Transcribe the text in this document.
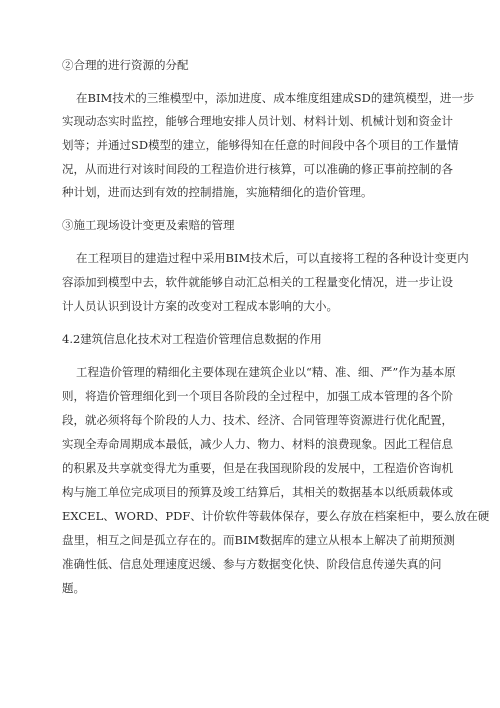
②合理的进行资源的分配
在BIM技术的三维模型中，添加进度、成本维度组建成SD的建筑模型，进一步
实现动态实时监控，能够合理地安排人员计划、材料计划、机械计划和资金计
划等；并通过SD模型的建立，能够得知在任意的时间段中各个项目的工作量情
况，从而进行对该时间段的工程造价进行核算，可以准确的修正事前控制的各
种计划，进而达到有效的控制措施，实施精细化的造价管理。
③施工现场设计变更及索赔的管理
在工程项目的建造过程中采用BIM技术后，可以直接将工程的各种设计变更内
容添加到模型中去，软件就能够自动汇总相关的工程量变化情况，进一步让设
计人员认识到设计方案的改变对工程成本影响的大小。
4.2建筑信息化技术对工程造价管理信息数据的作用
工程造价管理的精细化主要体现在建筑企业以“精、准、细、严”作为基本原
则，将造价管理细化到一个项目各阶段的全过程中，加强工成本管理的各个阶
段，就必须将每个阶段的人力、技术、经济、合同管理等资源进行优化配置，
实现全寿命周期成本最低，减少人力、物力、材料的浪费现象。因此工程信息
的积累及共享就变得尤为重要，但是在我国现阶段的发展中，工程造价咨询机
构与施工单位完成项目的预算及竣工结算后，其相关的数据基本以纸质载体或
EXCEL、WORD、PDF、计价软件等载体保存，要么存放在档案柜中，要么放在硬
盘里，相互之间是孤立存在的。而BIM数据库的建立从根本上解决了前期预测
准确性低、信息处理速度迟缓、参与方数据变化快、阶段信息传递失真的问
题。
